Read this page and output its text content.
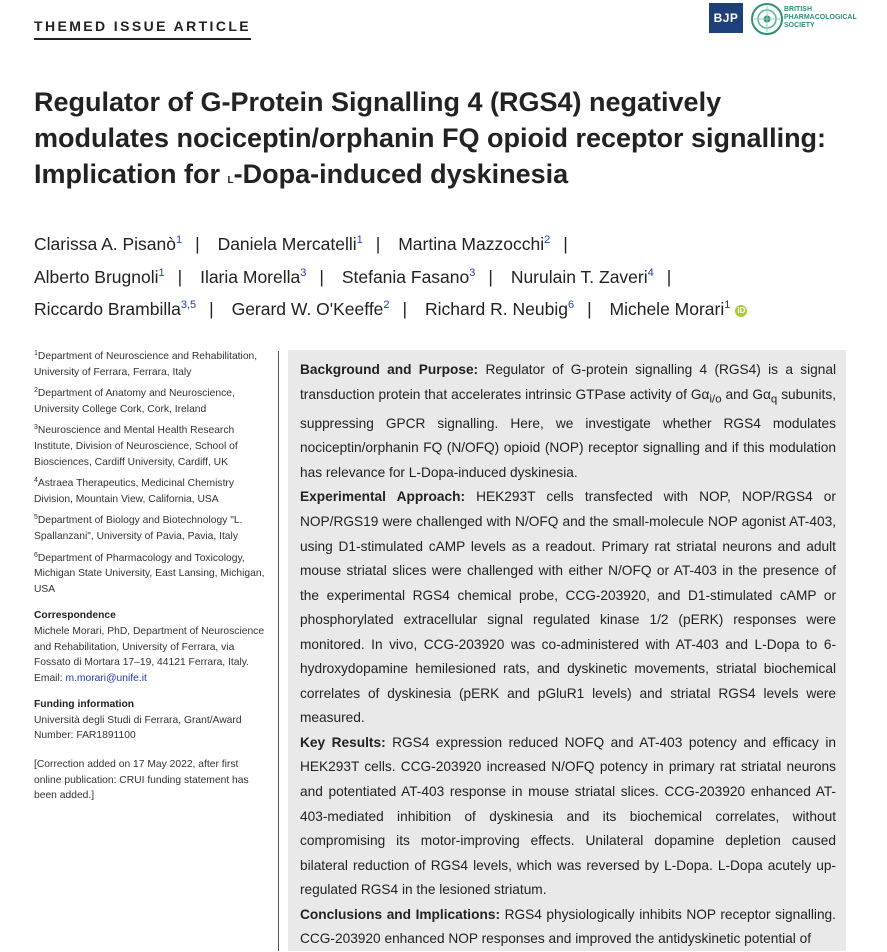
THEMED ISSUE ARTICLE	BJP
BRITISH PHARMACOLOGICAL SOCIETY
Regulator of G-Protein Signalling 4 (RGS4) negatively modulates nociceptin/orphanin FQ opioid receptor signalling: Implication for L-Dopa-induced dyskinesia
Clarissa A. Pisanò$^1$ | Daniela Mercatelli$^1$ | Martina Mazzocchi$^2$ |
Alberto Brugnoli$^1$ | Ilaria Morella$^3$ | Stefania Fasano$^3$ | Nurulain T. Zaveri$^4$ |
Riccardo Brambilla$^{3,5}$ | Gerard W. O'Keeffe$^2$ | Richard R. Neubig$^6$ | Michele Morari$^1$ iD
$^1$Department of Neuroscience and Rehabilitation, University of Ferrara, Ferrara, Italy
$^2$Department of Anatomy and Neuroscience, University College Cork, Cork, Ireland
$^3$Neuroscience and Mental Health Research Institute, Division of Neuroscience, School of Biosciences, Cardiff University, Cardiff, UK
$^4$Astraea Therapeutics, Medicinal Chemistry Division, Mountain View, California, USA
$^5$Department of Biology and Biotechnology "L. Spallanzani", University of Pavia, Pavia, Italy
$^6$Department of Pharmacology and Toxicology, Michigan State University, East Lansing, Michigan, USA
Correspondence
Michele Morari, PhD, Department of Neuroscience and Rehabilitation, University of Ferrara, via Fossato di Mortara 17–19, 44121 Ferrara, Italy.
Email: m.morari@unife.it
Funding information
Università degli Studi di Ferrara, Grant/Award Number: FAR1891100
[Correction added on 17 May 2022, after first online publication: CRUI funding statement has been added.]

Background and Purpose: Regulator of G-protein signalling 4 (RGS4) is a signal transduction protein that accelerates intrinsic GTPase activity of $G\alpha_{i/o}$ and $G\alpha_q$ subunits, suppressing GPCR signalling. Here, we investigate whether RGS4 modulates nociceptin/orphanin FQ (N/OFQ) opioid (NOP) receptor signalling and if this modulation has relevance for L-Dopa-induced dyskinesia.

Experimental Approach: HEK293T cells transfected with NOP, NOP/RGS4 or NOP/RGS19 were challenged with N/OFQ and the small-molecule NOP agonist AT-403, using D1-stimulated cAMP levels as a readout. Primary rat striatal neurons and adult mouse striatal slices were challenged with either N/OFQ or AT-403 in the presence of the experimental RGS4 chemical probe, CCG-203920, and D1-stimulated cAMP or phosphorylated extracellular signal regulated kinase 1/2 (pERK) responses were monitored. In vivo, CCG-203920 was co-administered with AT-403 and L-Dopa to 6-hydroxydopamine hemilesioned rats, and dyskinetic movements, striatal biochemical correlates of dyskinesia (pERK and pGluR1 levels) and striatal RGS4 levels were measured.

Key Results: RGS4 expression reduced NOFQ and AT-403 potency and efficacy in HEK293T cells. CCG-203920 increased N/OFQ potency in primary rat striatal neurons and potentiated AT-403 response in mouse striatal slices. CCG-203920 enhanced AT-403-mediated inhibition of dyskinesia and its biochemical correlates, without compromising its motor-improving effects. Unilateral dopamine depletion caused bilateral reduction of RGS4 levels, which was reversed by L-Dopa. L-Dopa acutely up-regulated RGS4 in the lesioned striatum.

Conclusions and Implications: RGS4 physiologically inhibits NOP receptor signalling. CCG-203920 enhanced NOP responses and improved the antidyskinetic potential of
